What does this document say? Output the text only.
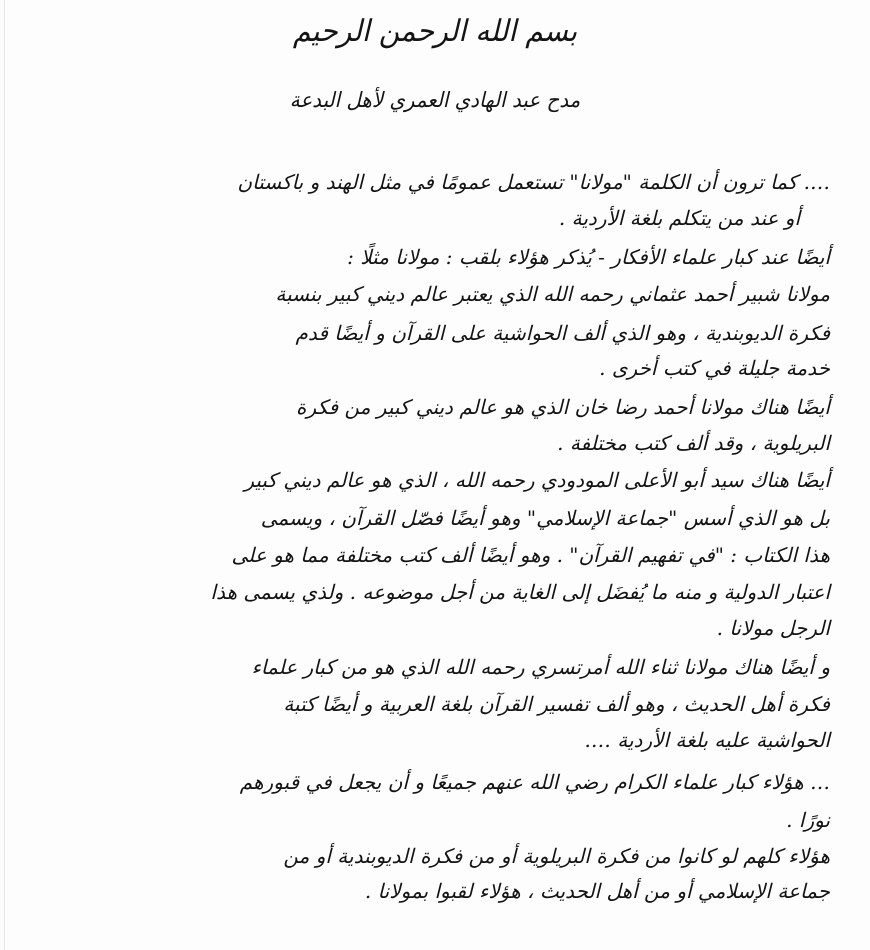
بسم الله الرحمن الرحيم
مدح عبد الهادي العمري لأهل البدعة
…. كما ترون أن الكلمة "مولانا" تستعمل عمومًا في مثل الهند و باكستان
أو عند من يتكلم بلغة الأردية .
أيضًا عند كبار علماء الأفكار - يُذكر هؤلاء بلقب : مولانا مثلًا :
مولانا شبير أحمد عثماني رحمه الله الذي يعتبر عالم ديني كبير بنسبة
فكرة الديوبندية ، وهو الذي ألف الحواشية على القرآن و أيضًا قدم
خدمة جليلة في كتب أخرى .
أيضًا هناك مولانا أحمد رضا خان الذي هو عالم ديني كبير من فكرة
البريلوية ، وقد ألف كتب مختلفة .
أيضًا هناك سيد أبو الأعلى المودودي رحمه الله ، الذي هو عالم ديني كبير
بل هو الذي أسس "جماعة الإسلامي" وهو أيضًا فصّل القرآن ، ويسمى
هذا الكتاب : "في تفهيم القرآن" . وهو أيضًا ألف كتب مختلفة مما هو على
اعتبار الدولية و منه ما يُفضَل إلى الغاية من أجل موضوعه . ولذي يسمى هذا
الرجل مولانا .
و أيضًا هناك مولانا ثناء الله أمرتسري رحمه الله الذي هو من كبار علماء
فكرة أهل الحديث ، وهو ألف تفسير القرآن بلغة العربية و أيضًا كتبة
الحواشية عليه بلغة الأردية ….
… هؤلاء كبار علماء الكرام رضي الله عنهم جميعًا و أن يجعل في قبورهم
نورًا .
هؤلاء كلهم لو كانوا من فكرة البريلوية أو من فكرة الديوبندية أو من
جماعة الإسلامي أو من أهل الحديث ، هؤلاء لقبوا بمولانا .
